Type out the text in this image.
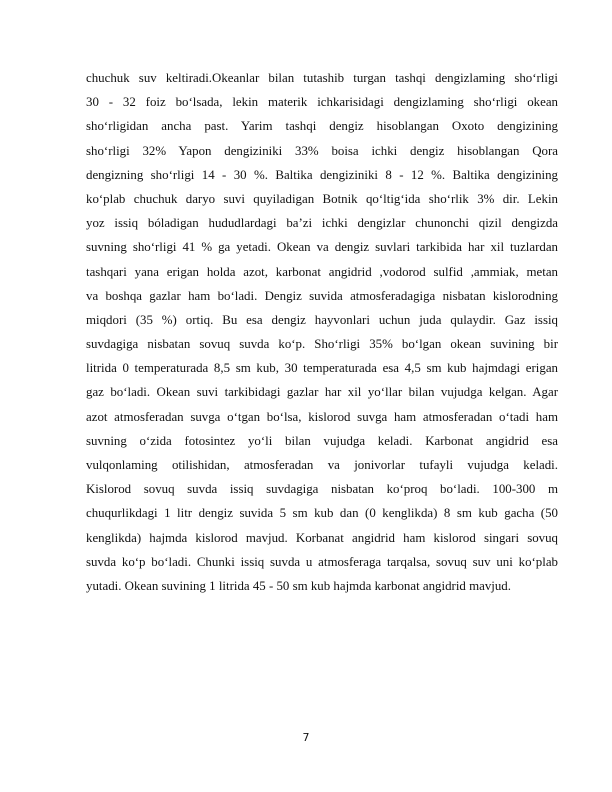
chuchuk suv keltiradi.Okeanlar bilan tutashib turgan tashqi dengizlaming sho‘rligi
30 - 32 foiz bo‘lsada, lekin materik ichkarisidagi dengizlaming sho‘rligi okean
sho‘rligidan ancha past. Yarim tashqi dengiz hisoblangan Oxoto dengizining
sho‘rligi 32% Yapon dengiziniki 33% boisa ichki dengiz hisoblangan Qora
dengizning sho‘rligi 14 - 30 %. Baltika dengiziniki 8 - 12 %. Baltika dengizining
ko‘plab chuchuk daryo suvi quyiladigan Botnik qo‘ltig‘ida sho‘rlik 3% dir. Lekin
yoz issiq bóladigan hududlardagi ba’zi ichki dengizlar chunonchi qizil dengizda
suvning sho‘rligi 41 % ga yetadi. Okean va dengiz suvlari tarkibida har xil tuzlardan
tashqari yana erigan holda azot, karbonat angidrid ,vodorod sulfid ,ammiak, metan
va boshqa gazlar ham bo‘ladi. Dengiz suvida atmosferadagiga nisbatan kislorodning
miqdori (35 %) ortiq. Bu esa dengiz hayvonlari uchun juda qulaydir. Gaz issiq
suvdagiga nisbatan sovuq suvda ko‘p. Sho‘rligi 35% bo‘lgan okean suvining bir
litrida 0 temperaturada 8,5 sm kub, 30 temperaturada esa 4,5 sm kub hajmdagi erigan
gaz bo‘ladi. Okean suvi tarkibidagi gazlar har xil yo‘llar bilan vujudga kelgan. Agar
azot atmosferadan suvga o‘tgan bo‘lsa, kislorod suvga ham atmosferadan o‘tadi ham
suvning o‘zida fotosintez yo‘li bilan vujudga keladi. Karbonat angidrid esa
vulqonlaming otilishidan, atmosferadan va jonivorlar tufayli vujudga keladi.
Kislorod sovuq suvda issiq suvdagiga nisbatan ko‘proq bo‘ladi. 100-300 m
chuqurlikdagi 1 litr dengiz suvida 5 sm kub dan (0 kenglikda) 8 sm kub gacha (50
kenglikda) hajmda kislorod mavjud. Korbanat angidrid ham kislorod singari sovuq
suvda ko‘p bo‘ladi. Chunki issiq suvda u atmosferaga tarqalsa, sovuq suv uni ko‘plab
yutadi. Okean suvining 1 litrida 45 - 50 sm kub hajmda karbonat angidrid mavjud.
7
